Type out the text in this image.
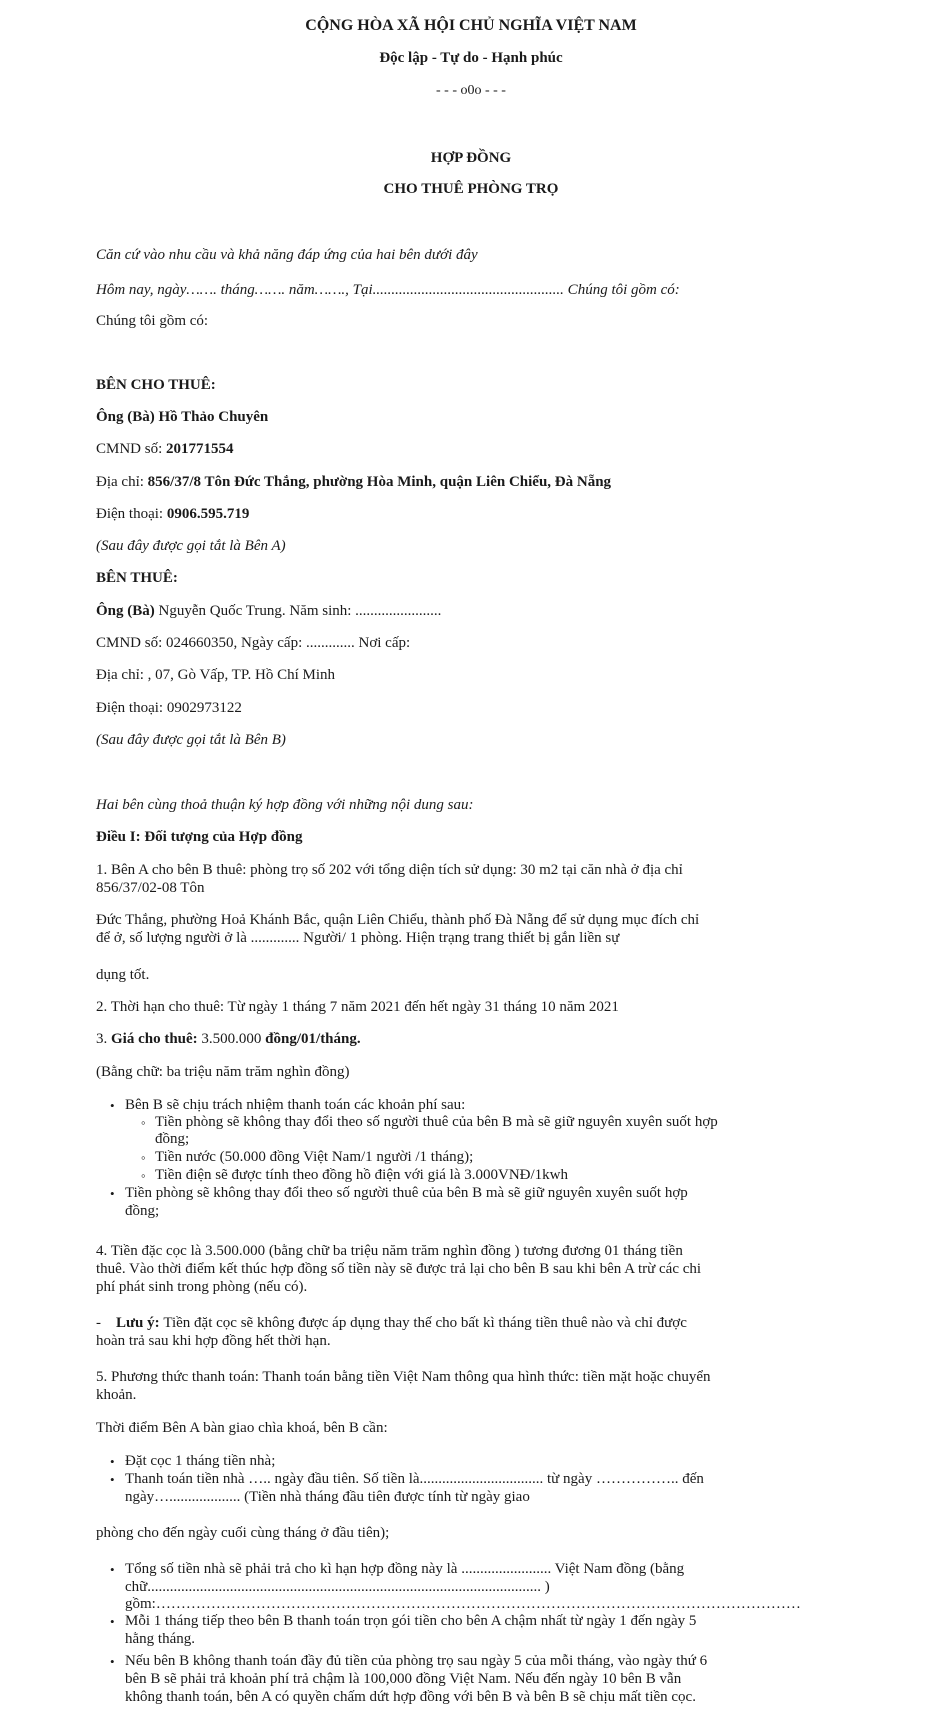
CỘNG HÒA XÃ HỘI CHỦ NGHĨA VIỆT NAM
Độc lập - Tự do - Hạnh phúc
- - - o0o - - -
HỢP ĐỒNG
CHO THUÊ PHÒNG TRỌ
Căn cứ vào nhu cầu và khả năng đáp ứng của hai bên dưới đây
Hôm nay, ngày……. tháng……. năm……., Tại................................................... Chúng tôi gồm có:
Chúng tôi gồm có:
BÊN CHO THUÊ:
Ông (Bà) Hồ Thảo Chuyên
CMND số: 201771554
Địa chỉ: 856/37/8 Tôn Đức Thắng, phường Hòa Minh, quận Liên Chiểu, Đà Nẵng
Điện thoại: 0906.595.719
(Sau đây được gọi tắt là Bên A)
BÊN THUÊ:
Ông (Bà) Nguyễn Quốc Trung. Năm sinh: .......................
CMND số: 024660350, Ngày cấp: ............. Nơi cấp:
Địa chỉ: , 07, Gò Vấp, TP. Hồ Chí Minh
Điện thoại: 0902973122
(Sau đây được gọi tắt là Bên B)
Hai bên cùng thoả thuận ký hợp đồng với những nội dung sau:
Điều I: Đối tượng của Hợp đồng
1. Bên A cho bên B thuê: phòng trọ số 202 với tổng diện tích sử dụng: 30 m2 tại căn nhà ở địa chỉ
856/37/02-08 Tôn
Đức Thắng, phường Hoả Khánh Bắc, quận Liên Chiểu, thành phố Đà Nẵng để sử dụng mục đích chỉ
để ở, số lượng người ở là ............. Người/ 1 phòng. Hiện trạng trang thiết bị gắn liền sự
dụng tốt.
2. Thời hạn cho thuê: Từ ngày 1 tháng 7 năm 2021 đến hết ngày 31 tháng 10 năm 2021
3. Giá cho thuê: 3.500.000 đồng/01/tháng.
(Bằng chữ: ba triệu năm trăm nghìn đồng)
• Bên B sẽ chịu trách nhiệm thanh toán các khoản phí sau:
◦ Tiền phòng sẽ không thay đổi theo số người thuê của bên B mà sẽ giữ nguyên xuyên suốt hợp
đồng;
◦ Tiền nước (50.000 đồng Việt Nam/1 người /1 tháng);
◦ Tiền điện sẽ được tính theo đồng hồ điện với giá là 3.000VNĐ/1kwh
• Tiền phòng sẽ không thay đổi theo số người thuê của bên B mà sẽ giữ nguyên xuyên suốt hợp
đồng;
4. Tiền đặc cọc là 3.500.000 (bằng chữ ba triệu năm trăm nghìn đồng ) tương đương 01 tháng tiền
thuê. Vào thời điểm kết thúc hợp đồng số tiền này sẽ được trả lại cho bên B sau khi bên A trừ các chi
phí phát sinh trong phòng (nếu có).
- Lưu ý: Tiền đặt cọc sẽ không được áp dụng thay thế cho bất kì tháng tiền thuê nào và chỉ được
hoàn trả sau khi hợp đồng hết thời hạn.
5. Phương thức thanh toán: Thanh toán bằng tiền Việt Nam thông qua hình thức: tiền mặt hoặc chuyển
khoản.
Thời điểm Bên A bàn giao chìa khoá, bên B cần:
• Đặt cọc 1 tháng tiền nhà;
• Thanh toán tiền nhà ….. ngày đầu tiên. Số tiền là................................. từ ngày …………….. đến
ngày…................... (Tiền nhà tháng đầu tiên được tính từ ngày giao
phòng cho đến ngày cuối cùng tháng ở đầu tiên);
• Tổng số tiền nhà sẽ phải trả cho kì hạn hợp đồng này là ........................ Việt Nam đồng (bằng
chữ......................................................................................................... )
gồm:…………………………………………………………………………………………………………………
• Mỗi 1 tháng tiếp theo bên B thanh toán trọn gói tiền cho bên A chậm nhất từ ngày 1 đến ngày 5
hằng tháng.
• Nếu bên B không thanh toán đầy đủ tiền của phòng trọ sau ngày 5 của mỗi tháng, vào ngày thứ 6
bên B sẽ phải trả khoản phí trả chậm là 100,000 đồng Việt Nam. Nếu đến ngày 10 bên B vẫn
không thanh toán, bên A có quyền chấm dứt hợp đồng với bên B và bên B sẽ chịu mất tiền cọc.
